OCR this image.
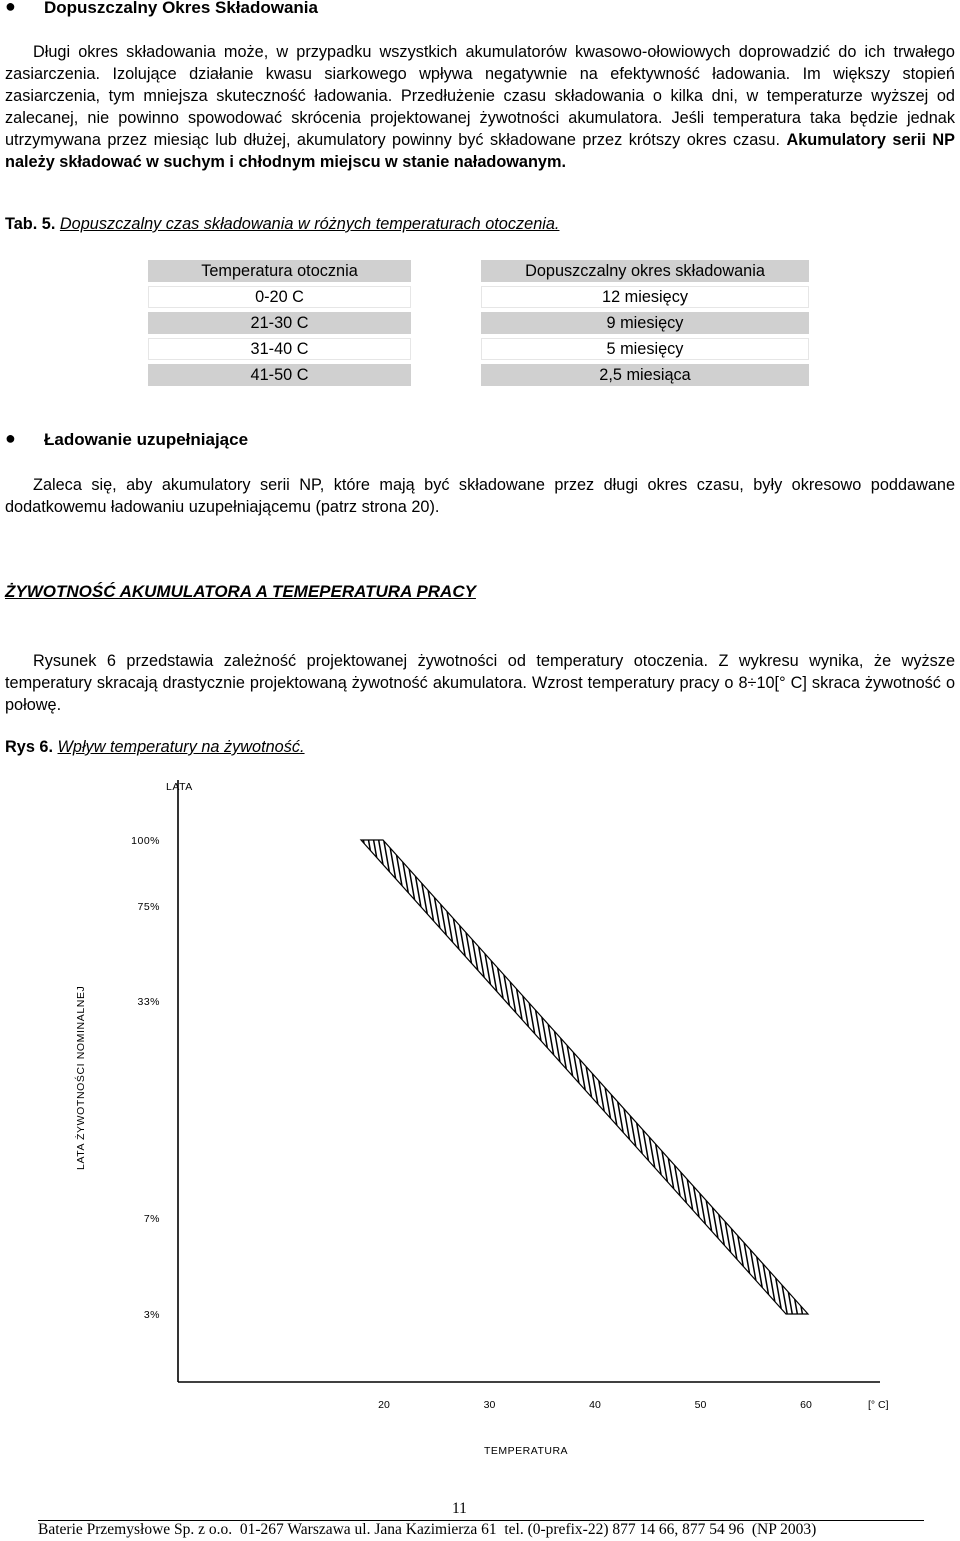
● Dopuszczalny Okres Składowania
Długi okres składowania może, w przypadku wszystkich akumulatorów kwasowo-ołowiowych doprowadzić do ich trwałego zasiarczenia. Izolujące działanie kwasu siarkowego wpływa negatywnie na efektywność ładowania. Im większy stopień zasiarczenia, tym mniejsza skuteczność ładowania. Przedłużenie czasu składowania o kilka dni, w temperaturze wyższej od zalecanej, nie powinno spowodować skrócenia projektowanej żywotności akumulatora. Jeśli temperatura taka będzie jednak utrzymywana przez miesiąc lub dłużej, akumulatory powinny być składowane przez krótszy okres czasu. Akumulatory serii NP należy składować w suchym i chłodnym miejscu w stanie naładowanym.
Tab. 5. Dopuszczalny czas składowania w różnych temperaturach otoczenia.
Temperatura otocznia		Dopuszczalny okres składowania
0-20 C		12 miesięcy
21-30 C		9 miesięcy
31-40 C		5 miesięcy
41-50 C		2,5 miesiąca
● Ładowanie uzupełniające
Zaleca się, aby akumulatory serii NP, które mają być składowane przez długi okres czasu, były okresowo poddawane dodatkowemu ładowaniu uzupełniającemu (patrz strona 20).
ŻYWOTNOŚĆ AKUMULATORA A TEMEPERATURA PRACY
Rysunek 6 przedstawia zależność projektowanej żywotności od temperatury otoczenia. Z wykresu wynika, że wyższe temperatury skracają drastycznie projektowaną żywotność akumulatora. Wzrost temperatury pracy o 8÷10[° C] skraca żywotność o połowę.
Rys 6. Wpływ temperatury na żywotność.
LATA
LATA ŻYWOTNOŚCI NOMINALNEJ
TEMPERATURA
[° C]
100%
75%
33%
7%
3%
20	30	40	50	60
11
Baterie Przemysłowe Sp. z o.o.  01-267 Warszawa ul. Jana Kazimierza 61  tel. (0-prefix-22) 877 14 66, 877 54 96  (NP 2003)
